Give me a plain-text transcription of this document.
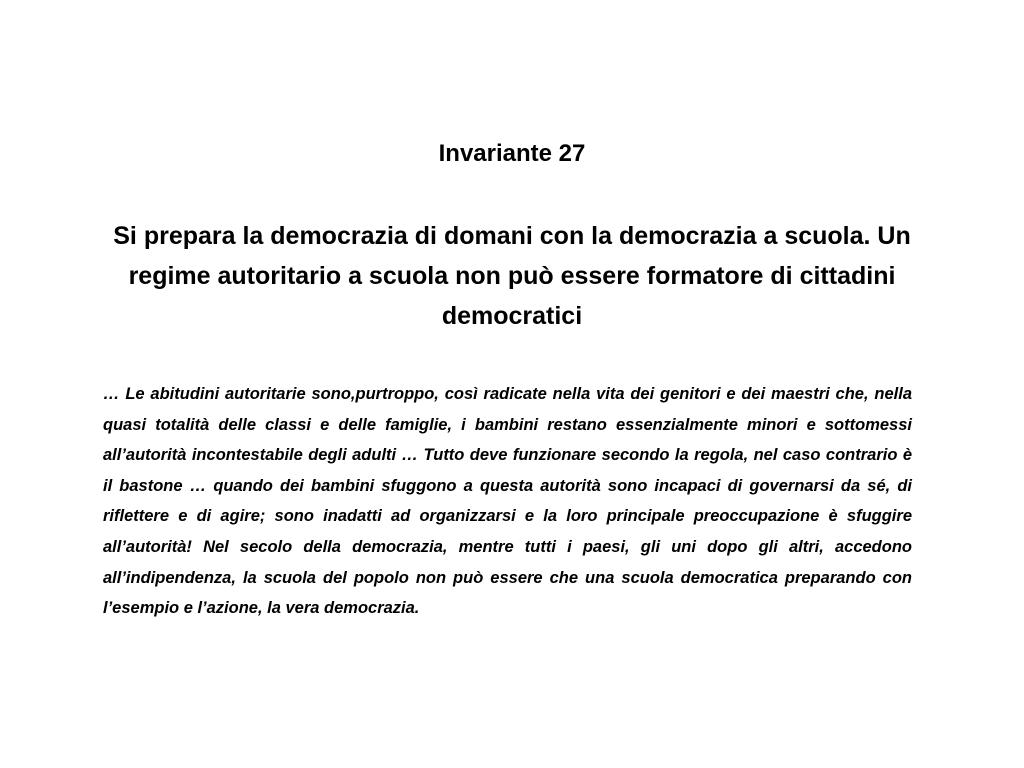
Invariante 27
Si prepara la democrazia di domani con la democrazia a scuola. Un regime autoritario a scuola non può essere formatore di cittadini democratici

… Le abitudini autoritarie sono,purtroppo, così radicate nella vita dei genitori e dei maestri che, nella quasi totalità delle classi e delle famiglie, i bambini restano essenzialmente minori e sottomessi all’autorità incontestabile degli adulti … Tutto deve funzionare secondo la regola, nel caso contrario è il bastone … quando dei bambini sfuggono a questa autorità sono incapaci di governarsi da sé, di riflettere e di agire; sono inadatti ad organizzarsi e la loro principale preoccupazione è sfuggire all’autorità! Nel secolo della democrazia, mentre tutti i paesi, gli uni dopo gli altri, accedono all’indipendenza, la scuola del popolo non può essere che una scuola democratica preparando con l’esempio e l’azione, la vera democrazia.
